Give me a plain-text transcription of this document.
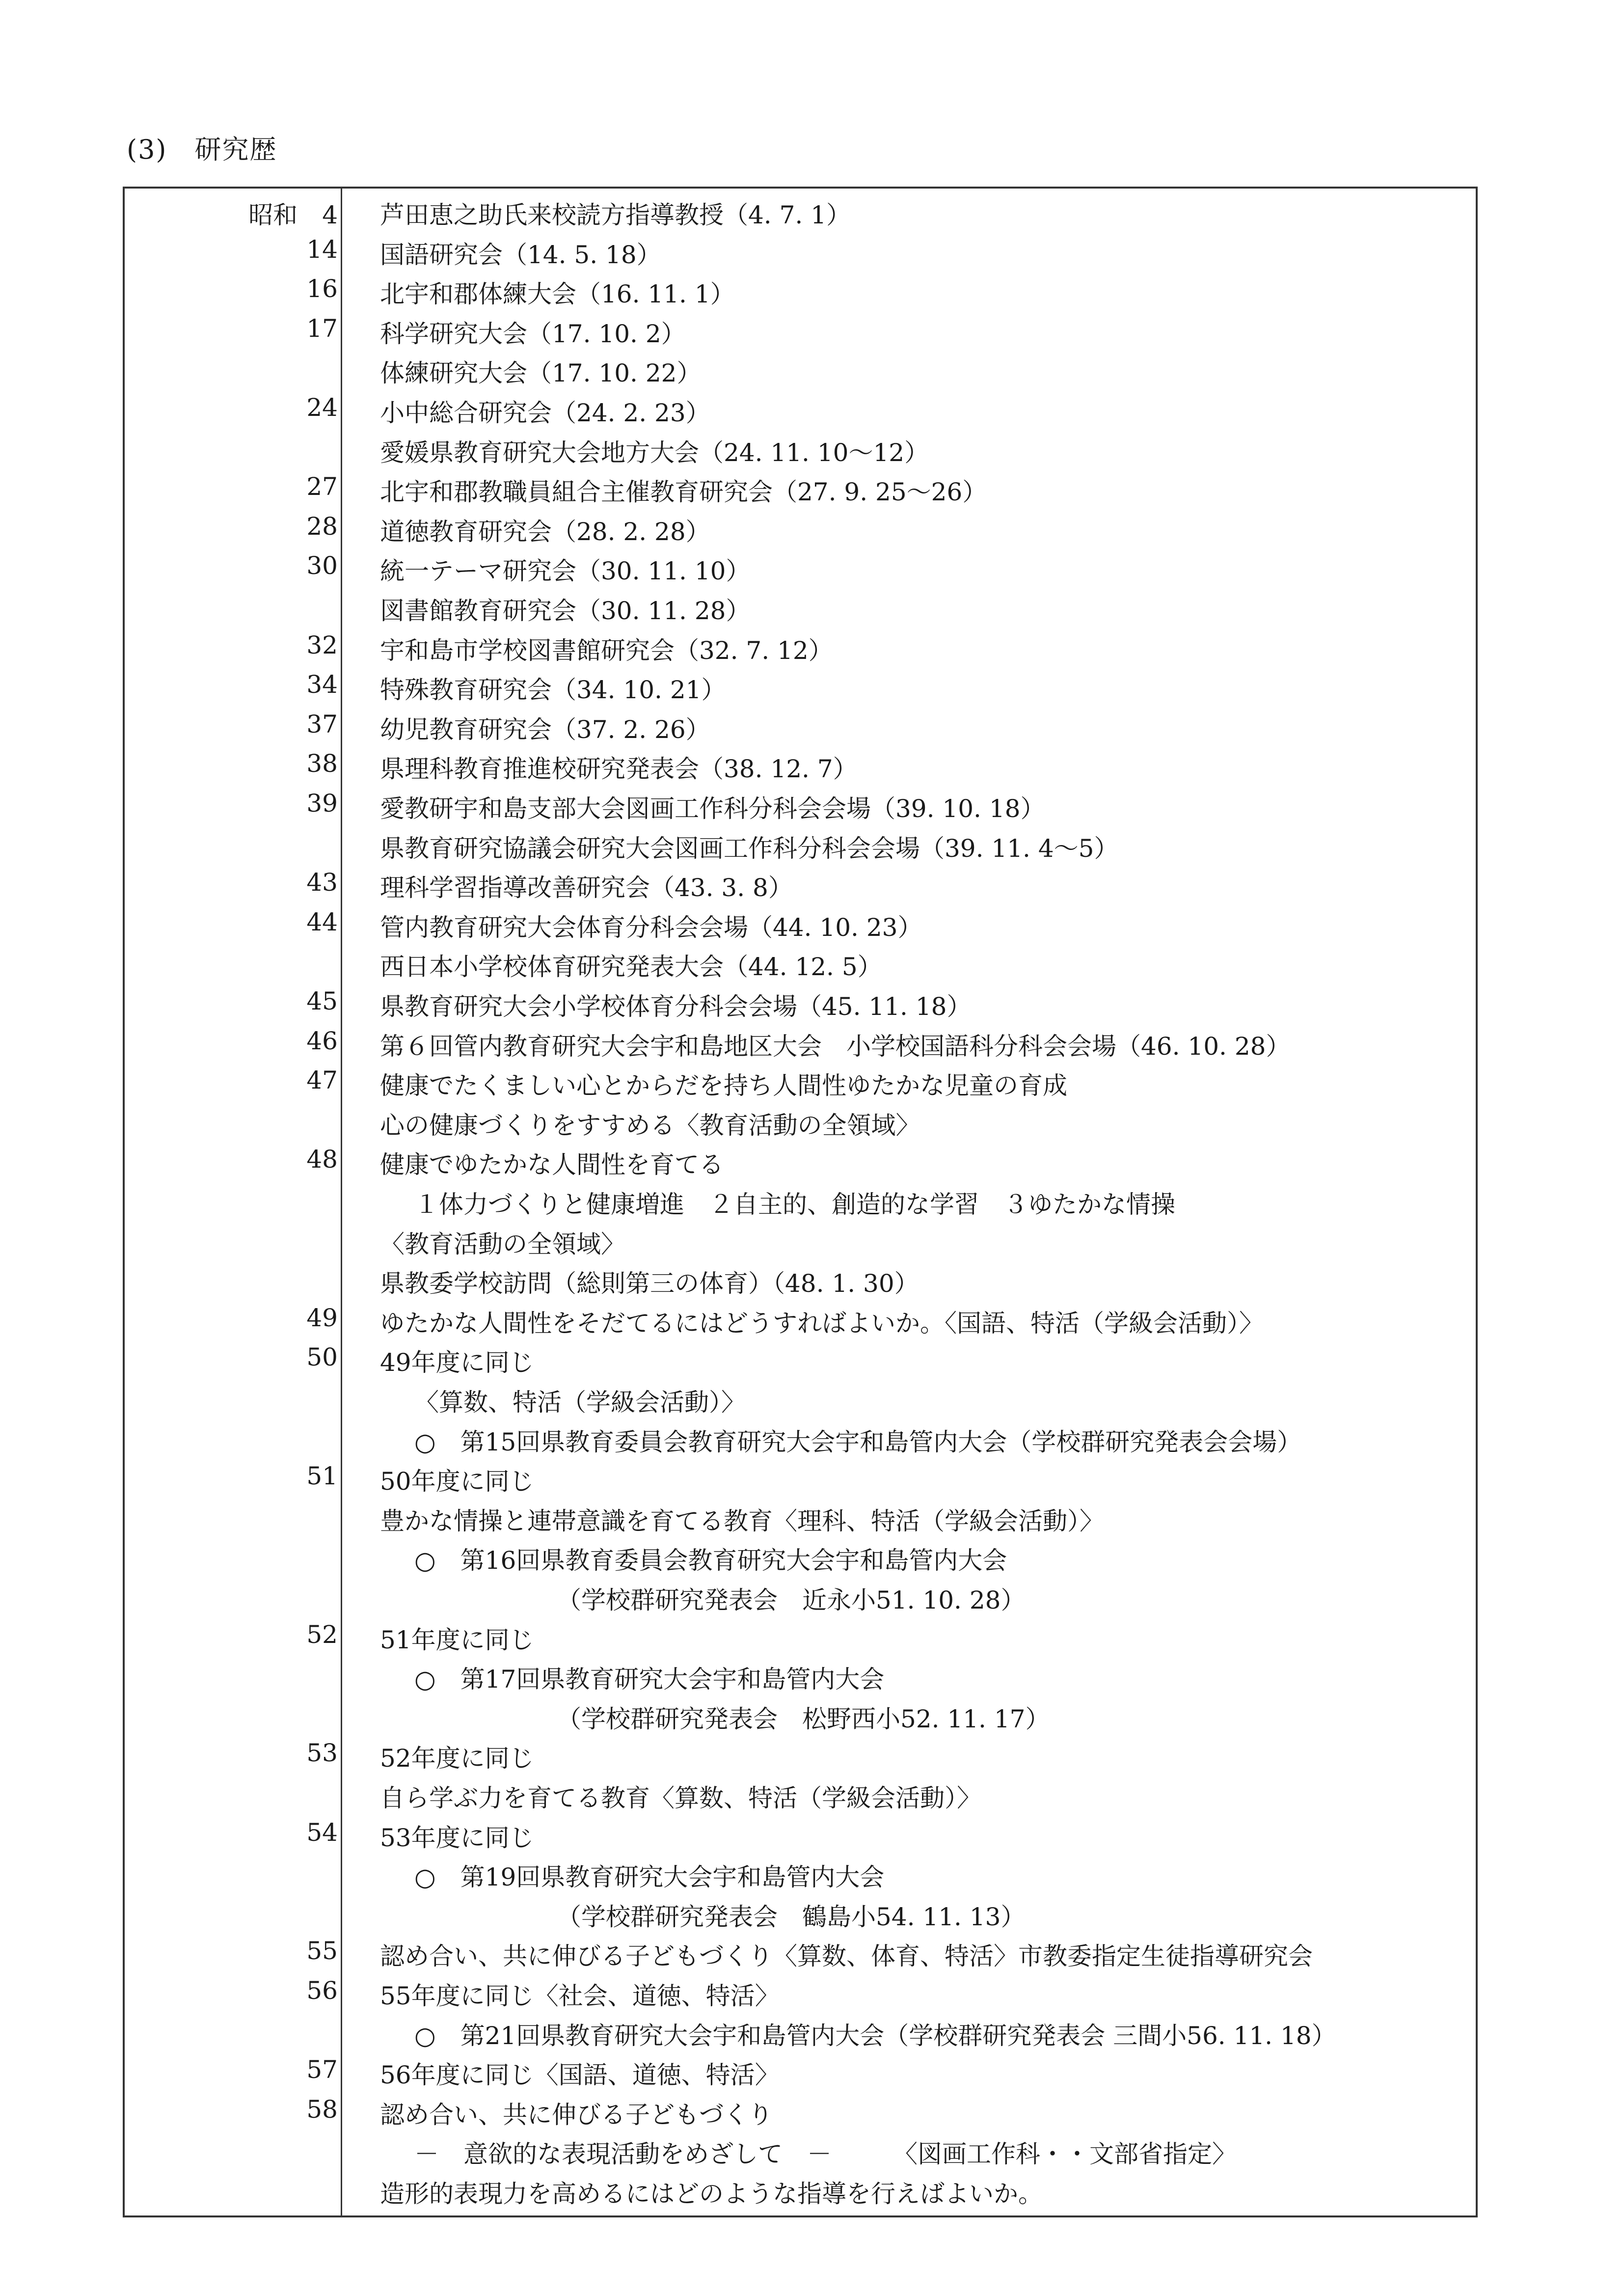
(3)　研究歴
昭和 4 芦田恵之助氏来校読方指導教授（4. 7. 1）
14 国語研究会（14. 5. 18）
16 北宇和郡体練大会（16. 11. 1）
17 科学研究大会（17. 10. 2）
体練研究大会（17. 10. 22）
24 小中総合研究会（24. 2. 23）
愛媛県教育研究大会地方大会（24. 11. 10～12）
27 北宇和郡教職員組合主催教育研究会（27. 9. 25～26）
28 道徳教育研究会（28. 2. 28）
30 統一テーマ研究会（30. 11. 10）
図書館教育研究会（30. 11. 28）
32 宇和島市学校図書館研究会（32. 7. 12）
34 特殊教育研究会（34. 10. 21）
37 幼児教育研究会（37. 2. 26）
38 県理科教育推進校研究発表会（38. 12. 7）
39 愛教研宇和島支部大会図画工作科分科会会場（39. 10. 18）
県教育研究協議会研究大会図画工作科分科会会場（39. 11. 4～5）
43 理科学習指導改善研究会（43. 3. 8）
44 管内教育研究大会体育分科会会場（44. 10. 23）
西日本小学校体育研究発表大会（44. 12. 5）
45 県教育研究大会小学校体育分科会会場（45. 11. 18）
46 第６回管内教育研究大会宇和島地区大会　小学校国語科分科会会場（46. 10. 28）
47 健康でたくましい心とからだを持ち人間性ゆたかな児童の育成
心の健康づくりをすすめる〈教育活動の全領域〉
48 健康でゆたかな人間性を育てる
１体力づくりと健康増進　２自主的、創造的な学習　３ゆたかな情操
〈教育活動の全領域〉
県教委学校訪問（総則第三の体育）（48. 1. 30）
49 ゆたかな人間性をそだてるにはどうすればよいか。〈国語、特活（学級会活動）〉
50 49年度に同じ
〈算数、特活（学級会活動）〉
○　第15回県教育委員会教育研究大会宇和島管内大会（学校群研究発表会会場）
51 50年度に同じ
豊かな情操と連帯意識を育てる教育〈理科、特活（学級会活動）〉
○　第16回県教育委員会教育研究大会宇和島管内大会
（学校群研究発表会　近永小51. 10. 28）
52 51年度に同じ
○　第17回県教育研究大会宇和島管内大会
（学校群研究発表会　松野西小52. 11. 17）
53 52年度に同じ
自ら学ぶ力を育てる教育〈算数、特活（学級会活動）〉
54 53年度に同じ
○　第19回県教育研究大会宇和島管内大会
（学校群研究発表会　鶴島小54. 11. 13）
55 認め合い、共に伸びる子どもづくり〈算数、体育、特活〉市教委指定生徒指導研究会
56 55年度に同じ〈社会、道徳、特活〉
○　第21回県教育研究大会宇和島管内大会（学校群研究発表会 三間小56. 11. 18）
57 56年度に同じ〈国語、道徳、特活〉
58 認め合い、共に伸びる子どもづくり
－　意欲的な表現活動をめざして　－　　　〈図画工作科・・文部省指定〉
造形的表現力を高めるにはどのような指導を行えばよいか。
